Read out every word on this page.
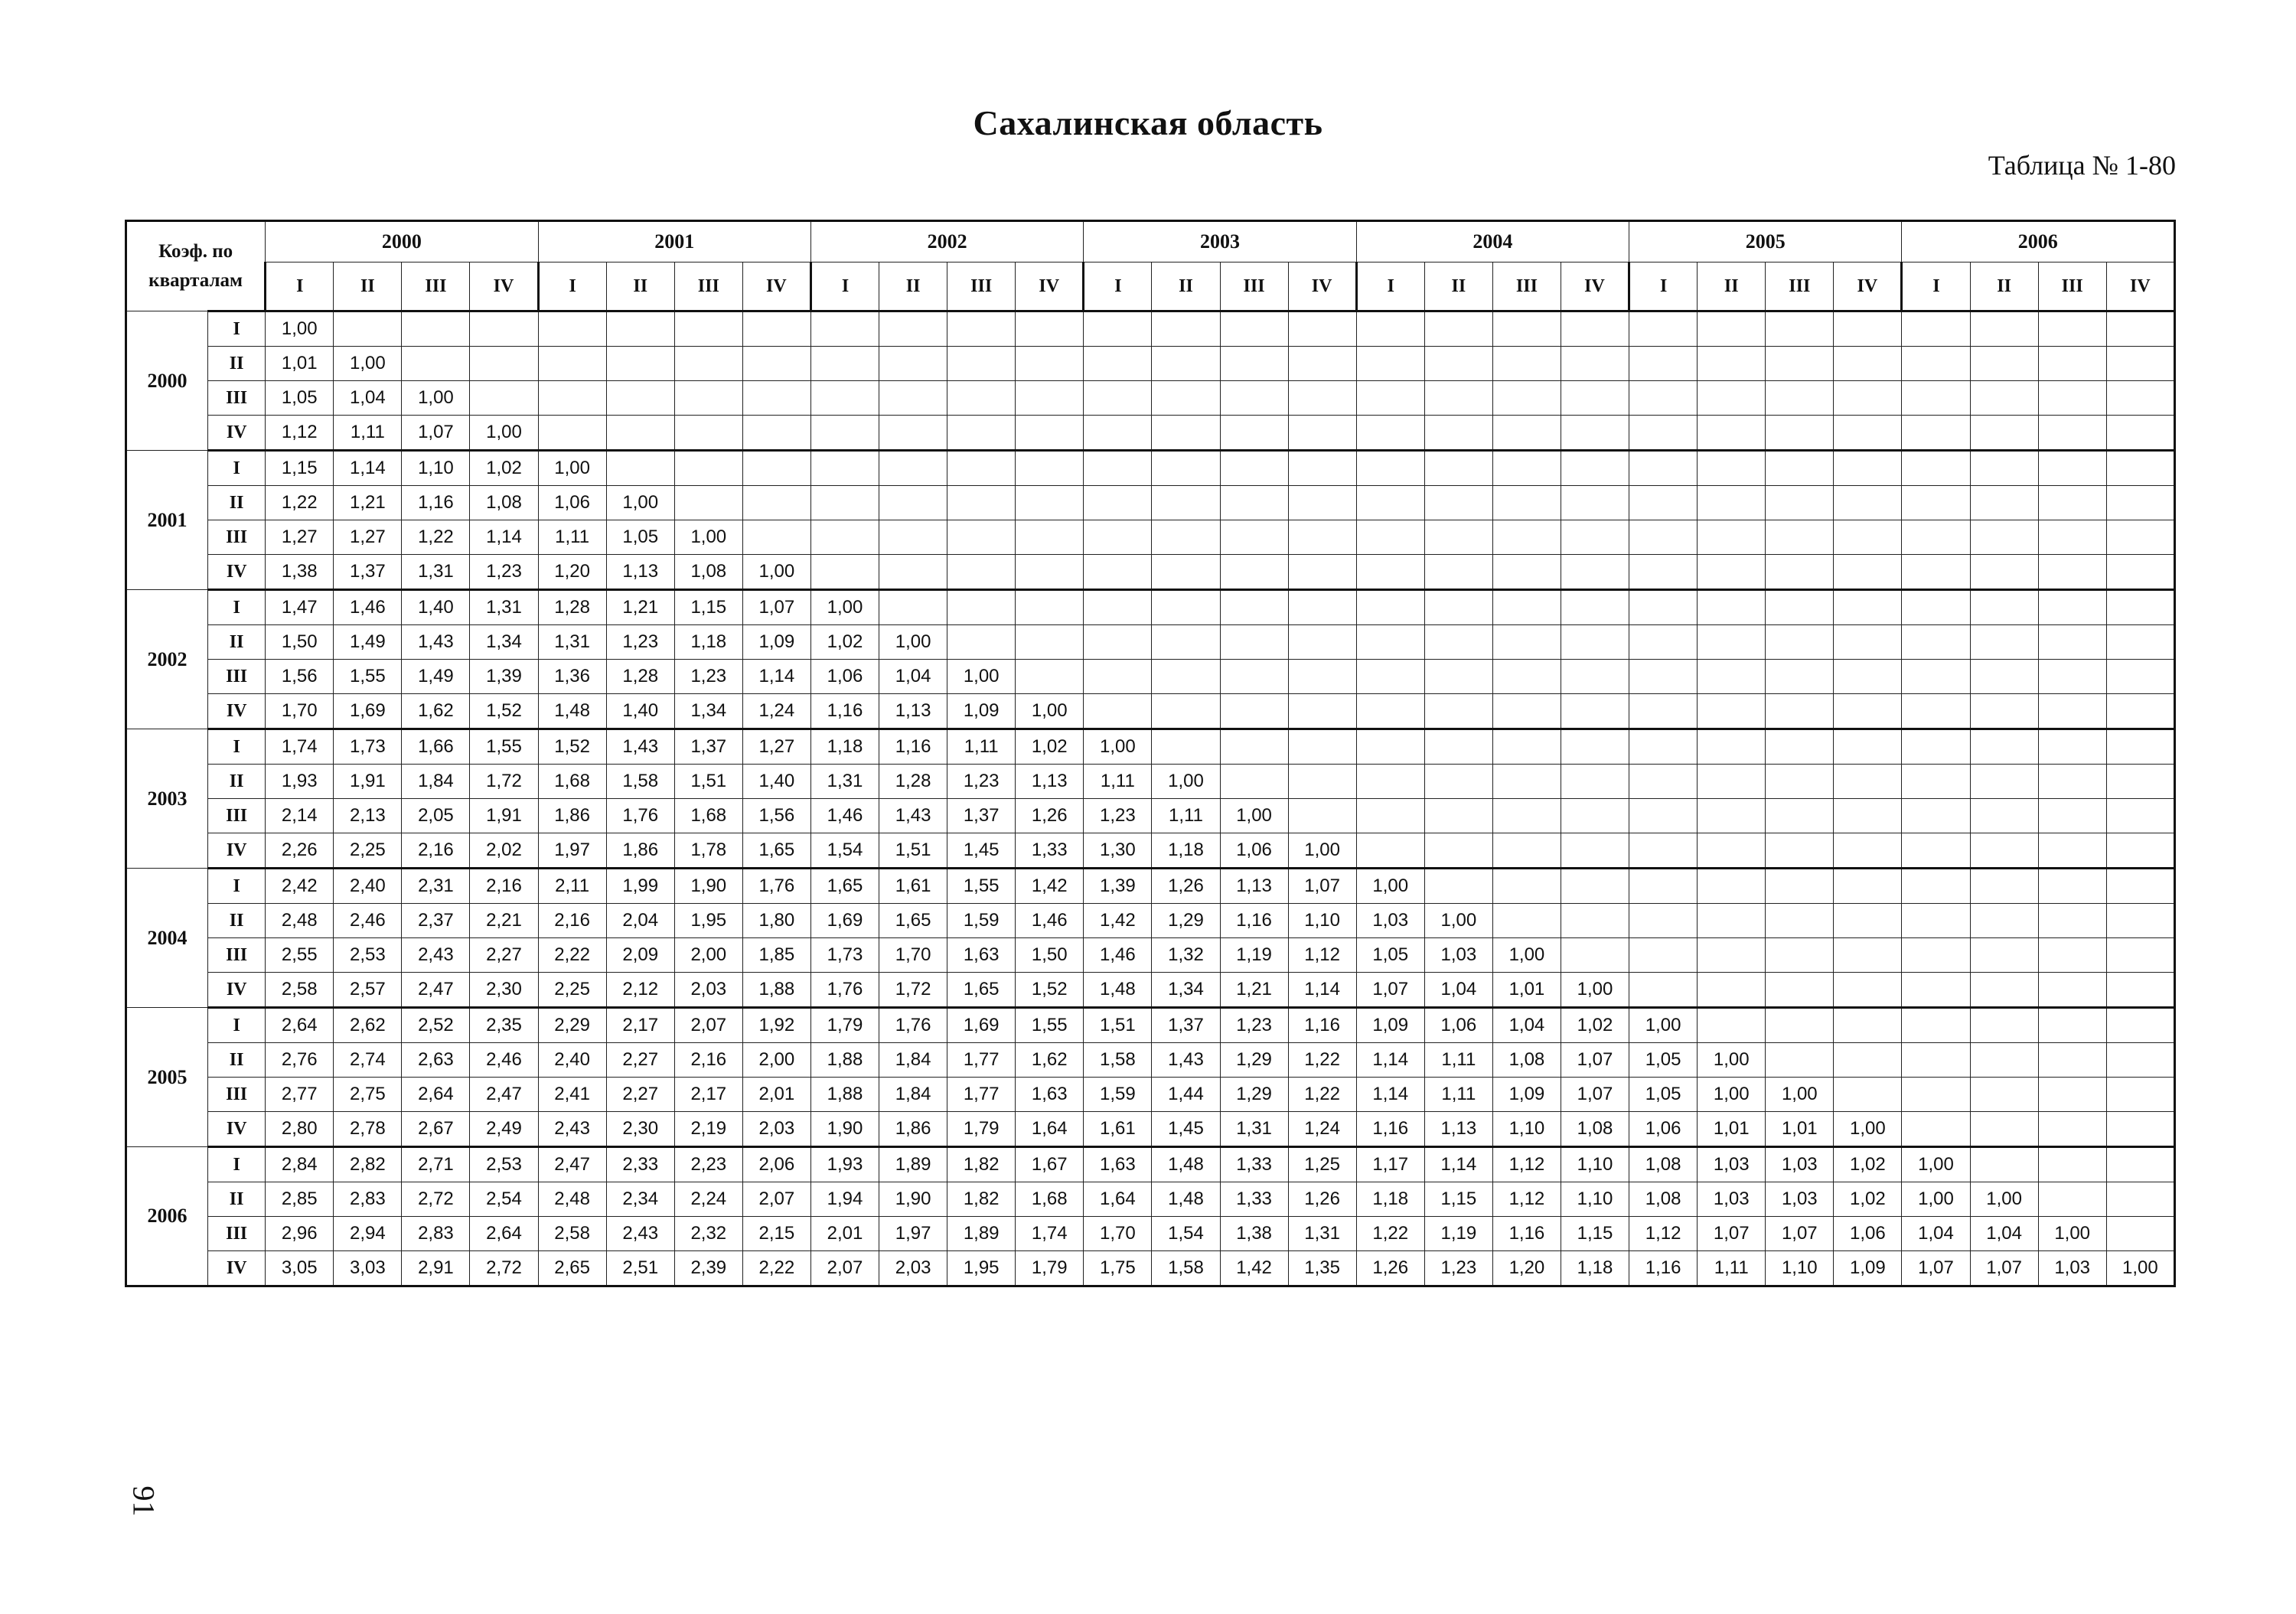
Сахалинская область
Таблица № 1-80
Коэф. по
кварталам		2000				2001				2002				2003				2004				2005				2006			
		I	II	III	IV	I	II	III	IV	I	II	III	IV	I	II	III	IV	I	II	III	IV	I	II	III	IV	I	II	III	IV
2000	I	1,00																											
	II	1,01	1,00																										
	III	1,05	1,04	1,00																									
	IV	1,12	1,11	1,07	1,00																								
2001	I	1,15	1,14	1,10	1,02	1,00																							
	II	1,22	1,21	1,16	1,08	1,06	1,00																						
	III	1,27	1,27	1,22	1,14	1,11	1,05	1,00																					
	IV	1,38	1,37	1,31	1,23	1,20	1,13	1,08	1,00																				
2002	I	1,47	1,46	1,40	1,31	1,28	1,21	1,15	1,07	1,00																			
	II	1,50	1,49	1,43	1,34	1,31	1,23	1,18	1,09	1,02	1,00																		
	III	1,56	1,55	1,49	1,39	1,36	1,28	1,23	1,14	1,06	1,04	1,00																	
	IV	1,70	1,69	1,62	1,52	1,48	1,40	1,34	1,24	1,16	1,13	1,09	1,00																
2003	I	1,74	1,73	1,66	1,55	1,52	1,43	1,37	1,27	1,18	1,16	1,11	1,02	1,00															
	II	1,93	1,91	1,84	1,72	1,68	1,58	1,51	1,40	1,31	1,28	1,23	1,13	1,11	1,00														
	III	2,14	2,13	2,05	1,91	1,86	1,76	1,68	1,56	1,46	1,43	1,37	1,26	1,23	1,11	1,00													
	IV	2,26	2,25	2,16	2,02	1,97	1,86	1,78	1,65	1,54	1,51	1,45	1,33	1,30	1,18	1,06	1,00												
2004	I	2,42	2,40	2,31	2,16	2,11	1,99	1,90	1,76	1,65	1,61	1,55	1,42	1,39	1,26	1,13	1,07	1,00											
	II	2,48	2,46	2,37	2,21	2,16	2,04	1,95	1,80	1,69	1,65	1,59	1,46	1,42	1,29	1,16	1,10	1,03	1,00										
	III	2,55	2,53	2,43	2,27	2,22	2,09	2,00	1,85	1,73	1,70	1,63	1,50	1,46	1,32	1,19	1,12	1,05	1,03	1,00									
	IV	2,58	2,57	2,47	2,30	2,25	2,12	2,03	1,88	1,76	1,72	1,65	1,52	1,48	1,34	1,21	1,14	1,07	1,04	1,01	1,00								
2005	I	2,64	2,62	2,52	2,35	2,29	2,17	2,07	1,92	1,79	1,76	1,69	1,55	1,51	1,37	1,23	1,16	1,09	1,06	1,04	1,02	1,00							
	II	2,76	2,74	2,63	2,46	2,40	2,27	2,16	2,00	1,88	1,84	1,77	1,62	1,58	1,43	1,29	1,22	1,14	1,11	1,08	1,07	1,05	1,00						
	III	2,77	2,75	2,64	2,47	2,41	2,27	2,17	2,01	1,88	1,84	1,77	1,63	1,59	1,44	1,29	1,22	1,14	1,11	1,09	1,07	1,05	1,00	1,00					
	IV	2,80	2,78	2,67	2,49	2,43	2,30	2,19	2,03	1,90	1,86	1,79	1,64	1,61	1,45	1,31	1,24	1,16	1,13	1,10	1,08	1,06	1,01	1,01	1,00				
2006	I	2,84	2,82	2,71	2,53	2,47	2,33	2,23	2,06	1,93	1,89	1,82	1,67	1,63	1,48	1,33	1,25	1,17	1,14	1,12	1,10	1,08	1,03	1,03	1,02	1,00			
	II	2,85	2,83	2,72	2,54	2,48	2,34	2,24	2,07	1,94	1,90	1,82	1,68	1,64	1,48	1,33	1,26	1,18	1,15	1,12	1,10	1,08	1,03	1,03	1,02	1,00	1,00		
	III	2,96	2,94	2,83	2,64	2,58	2,43	2,32	2,15	2,01	1,97	1,89	1,74	1,70	1,54	1,38	1,31	1,22	1,19	1,16	1,15	1,12	1,07	1,07	1,06	1,04	1,04	1,00	
	IV	3,05	3,03	2,91	2,72	2,65	2,51	2,39	2,22	2,07	2,03	1,95	1,79	1,75	1,58	1,42	1,35	1,26	1,23	1,20	1,18	1,16	1,11	1,10	1,09	1,07	1,07	1,03	1,00
91
